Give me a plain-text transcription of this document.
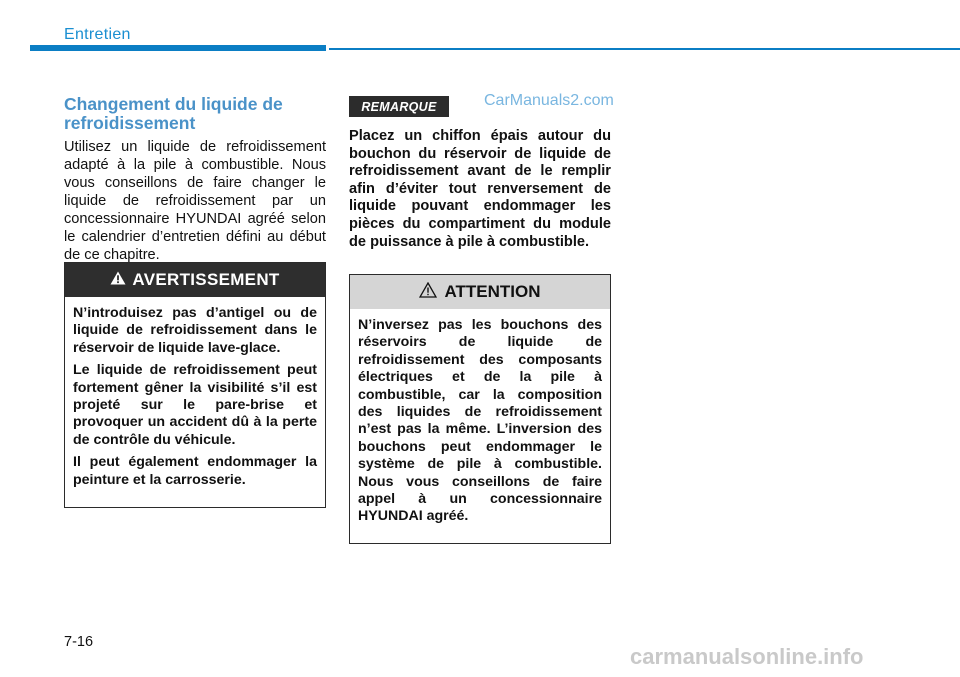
Entretien
Changement du liquide de refroidissement
Utilisez un liquide de refroidissement adapté à la pile à combustible. Nous vous conseillons de faire changer le liquide de refroidissement par un concessionnaire HYUNDAI agréé selon le calendrier d’entretien défini au début de ce chapitre.
AVERTISSEMENT

N’introduisez pas d’antigel ou de liquide de refroidissement dans le réservoir de liquide lave-glace.

Le liquide de refroidissement peut fortement gêner la visibilité s’il est projeté sur le pare-brise et provoquer un accident dû à la perte de contrôle du véhicule.

Il peut également endommager la peinture et la carrosserie.

REMARQUE	CarManuals2.com
Placez un chiffon épais autour du bouchon du réservoir de liquide de refroidissement avant de le remplir afin d’éviter tout renversement de liquide pouvant endommager les pièces du compartiment du module de puissance à pile à combustible.
ATTENTION
N’inversez pas les bouchons des réservoirs de liquide de refroidissement des composants électriques et de la pile à combustible, car la composition des liquides de refroidissement n’est pas la même. L’inversion des bouchons peut endommager le système de pile à combustible. Nous vous conseillons de faire appel à un concessionnaire HYUNDAI agréé.
7-16
carmanualsonline.info
